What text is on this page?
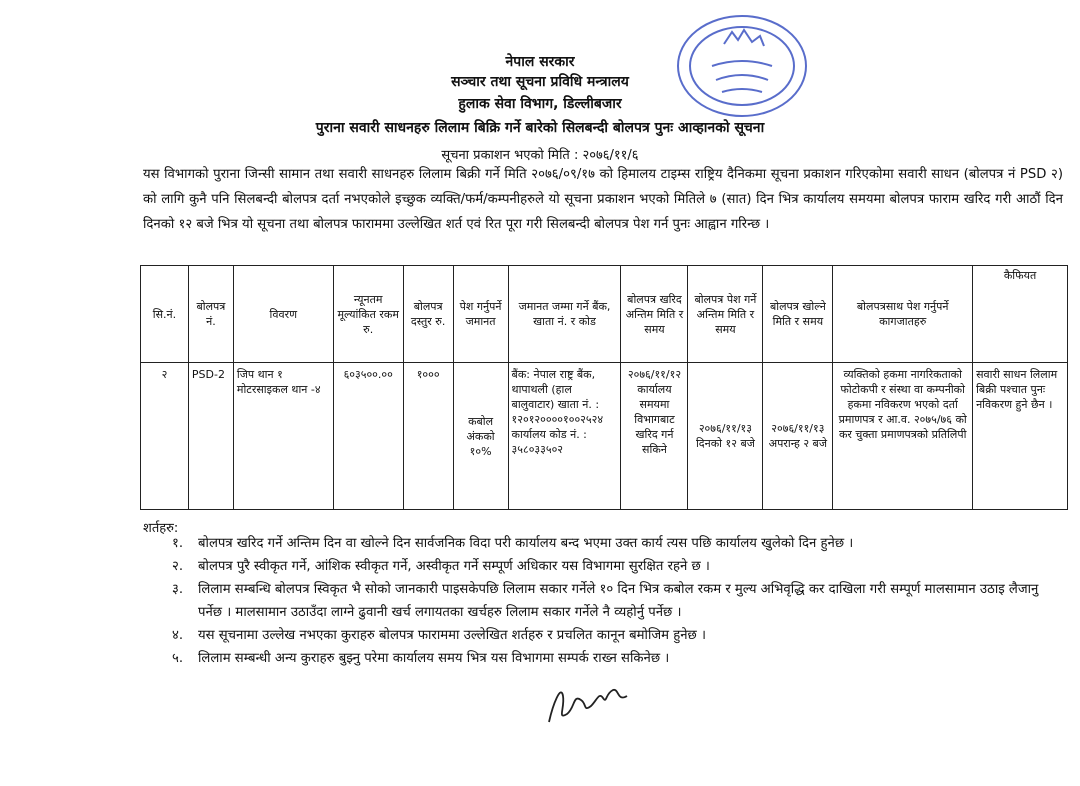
नेपाल सरकार
सञ्चार तथा सूचना प्रविधि मन्त्रालय
हुलाक सेवा विभाग, डिल्लीबजार
पुराना सवारी साधनहरु लिलाम बिक्रि गर्ने बारेको सिलबन्दी बोलपत्र पुनः आव्हानको सूचना
सूचना प्रकाशन भएको मिति : २०७६/११/६
यस विभागको पुराना जिन्सी सामान तथा सवारी साधनहरु लिलाम बिक्री गर्ने मिति २०७६/०९/१७ को हिमालय टाइम्स राष्ट्रिय दैनिकमा सूचना प्रकाशन गरिएकोमा सवारी साधन (बोलपत्र नं PSD २) को लागि कुनै पनि सिलबन्दी बोलपत्र दर्ता नभएकोले इच्छुक व्यक्ति/फर्म/कम्पनीहरुले यो सूचना प्रकाशन भएको मितिले ७ (सात) दिन भित्र कार्यालय समयमा बोलपत्र फाराम खरिद गरी आठौं दिन दिनको १२ बजे भित्र यो सूचना तथा बोलपत्र फाराममा उल्लेखित शर्त एवं रित पूरा गरी सिलबन्दी बोलपत्र पेश गर्न पुनः आह्वान गरिन्छ ।
सि.नं.	बोलपत्र नं.	विवरण	न्यूनतम मूल्यांकित रकम रु.	बोलपत्र दस्तुर रु.	पेश गर्नुपर्ने जमानत	जमानत जम्मा गर्ने बैंक, खाता नं. र कोड	बोलपत्र खरिद अन्तिम मिति र समय	बोलपत्र पेश गर्ने अन्तिम मिति र समय	बोलपत्र खोल्ने मिति र समय	बोलपत्रसाथ पेश गर्नुपर्ने कागजातहरु	कैफियत
२	PSD-2	जिप थान १ मोटरसाइकल थान -४	६०३५००.००	१०००	कबोल अंकको १०%	बैंक: नेपाल राष्ट्र बैंक, थापाथली (हाल बालुवाटार) खाता नं. : १२०१२००००१००२५२४ कार्यालय कोड नं. : ३५८०३३५०२	२०७६/११/१२ कार्यालय समयमा विभागबाट खरिद गर्न सकिने	२०७६/११/१३ दिनको १२ बजे	२०७६/११/१३ अपरान्ह २ बजे	व्यक्तिको हकमा नागरिकताको फोटोकपी र संस्था वा कम्पनीको हकमा नविकरण भएको दर्ता प्रमाणपत्र र आ.व. २०७५/७६ को कर चुक्ता प्रमाणपत्रको प्रतिलिपी	सवारी साधन लिलाम बिक्री पश्चात पुनः नविकरण हुने छैन ।
शर्तहरु:
१.	बोलपत्र खरिद गर्ने अन्तिम दिन वा खोल्ने दिन सार्वजनिक विदा परी कार्यालय बन्द भएमा उक्त कार्य त्यस पछि कार्यालय खुलेको दिन हुनेछ ।
२.	बोलपत्र पुरै स्वीकृत गर्ने, आंशिक स्वीकृत गर्ने, अस्वीकृत गर्ने सम्पूर्ण अधिकार यस विभागमा सुरक्षित रहने छ ।
३.	लिलाम सम्बन्धि बोलपत्र स्विकृत भै सोको जानकारी पाइसकेपछि लिलाम सकार गर्नेले १० दिन भित्र कबोल रकम र मुल्य अभिवृद्धि कर दाखिला गरी सम्पूर्ण मालसामान उठाइ लैजानु पर्नेछ । मालसामान उठाउँदा लाग्ने ढुवानी खर्च लगायतका खर्चहरु लिलाम सकार गर्नेले नै व्यहोर्नु पर्नेछ ।
४.	यस सूचनामा उल्लेख नभएका कुराहरु बोलपत्र फाराममा उल्लेखित शर्तहरु र प्रचलित कानून बमोजिम हुनेछ ।
५.	लिलाम सम्बन्धी अन्य कुराहरु बुझ्नु परेमा कार्यालय समय भित्र यस विभागमा सम्पर्क राख्न सकिनेछ ।
